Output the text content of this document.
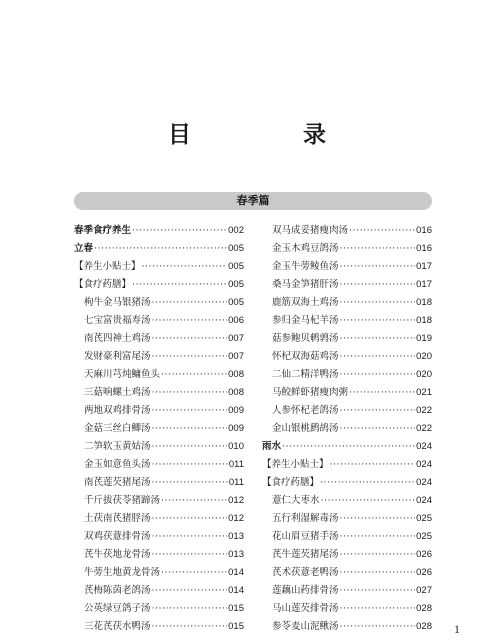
目 录
春季篇
春季食疗养生 ·····	002
立春 ·····	005
【养生小贴士】 ·····	005
【食疗药膳】 ·····	005
枸牛金马银猪汤 ·····	005
七宝富贵福寿汤 ·····	006
南芪四神土鸡汤 ·····	007
发财豪利富尾汤 ·····	007
天麻川芎炖鳙鱼头 ·····	008
三菇响螺土鸡汤 ·····	008
两地双鸡排骨汤 ·····	009
金菇三丝白鲫汤 ·····	009
二笋软玉黄姑汤 ·····	010
金玉如意鱼头汤 ·····	011
南芪莲芡猪尾汤 ·····	011
千斤拔茯苓猪蹄汤 ·····	012
土茯南芪猪脬汤 ·····	012
双鸡茯薏排骨汤 ·····	013
芪牛茯地龙骨汤 ·····	013
牛蒡生地黄龙骨汤 ·····	014
芪梅陈茵老鸽汤 ·····	014
公英绿豆鸽子汤 ·····	015
三花芪茯水鸭汤 ·····	015
双马成妥猪瘦肉汤 ·····	016
金玉木鸡豆鸽汤 ·····	016
金玉牛蒡鲮鱼汤 ·····	017
桑马金笋猪肝汤 ·····	017
鹿筋双海土鸡汤 ·····	018
参归金马杞羊汤 ·····	018
菇参鲍贝鹌鹑汤 ·····	019
怀杞双海菇鸡汤 ·····	020
二仙二精洋鸭汤 ·····	020
马鲛鲜虾猪瘦肉粥 ·····	021
人参怀杞老鸽汤 ·····	022
金山银桃鹧鸪汤 ·····	022
雨水 ·····	024
【养生小贴士】 ·····	024
【食疗药膳】 ·····	024
薏仁大枣水 ·····	024
五行利湿解毒汤 ·····	025
花山眉豆猪手汤 ·····	025
芪牛莲芡猪尾汤 ·····	026
芪术茯薏老鸭汤 ·····	026
莲藕山药排骨汤 ·····	027
马山莲芡排骨汤 ·····	028
参苓麦山泥鳅汤 ·····	028 1
